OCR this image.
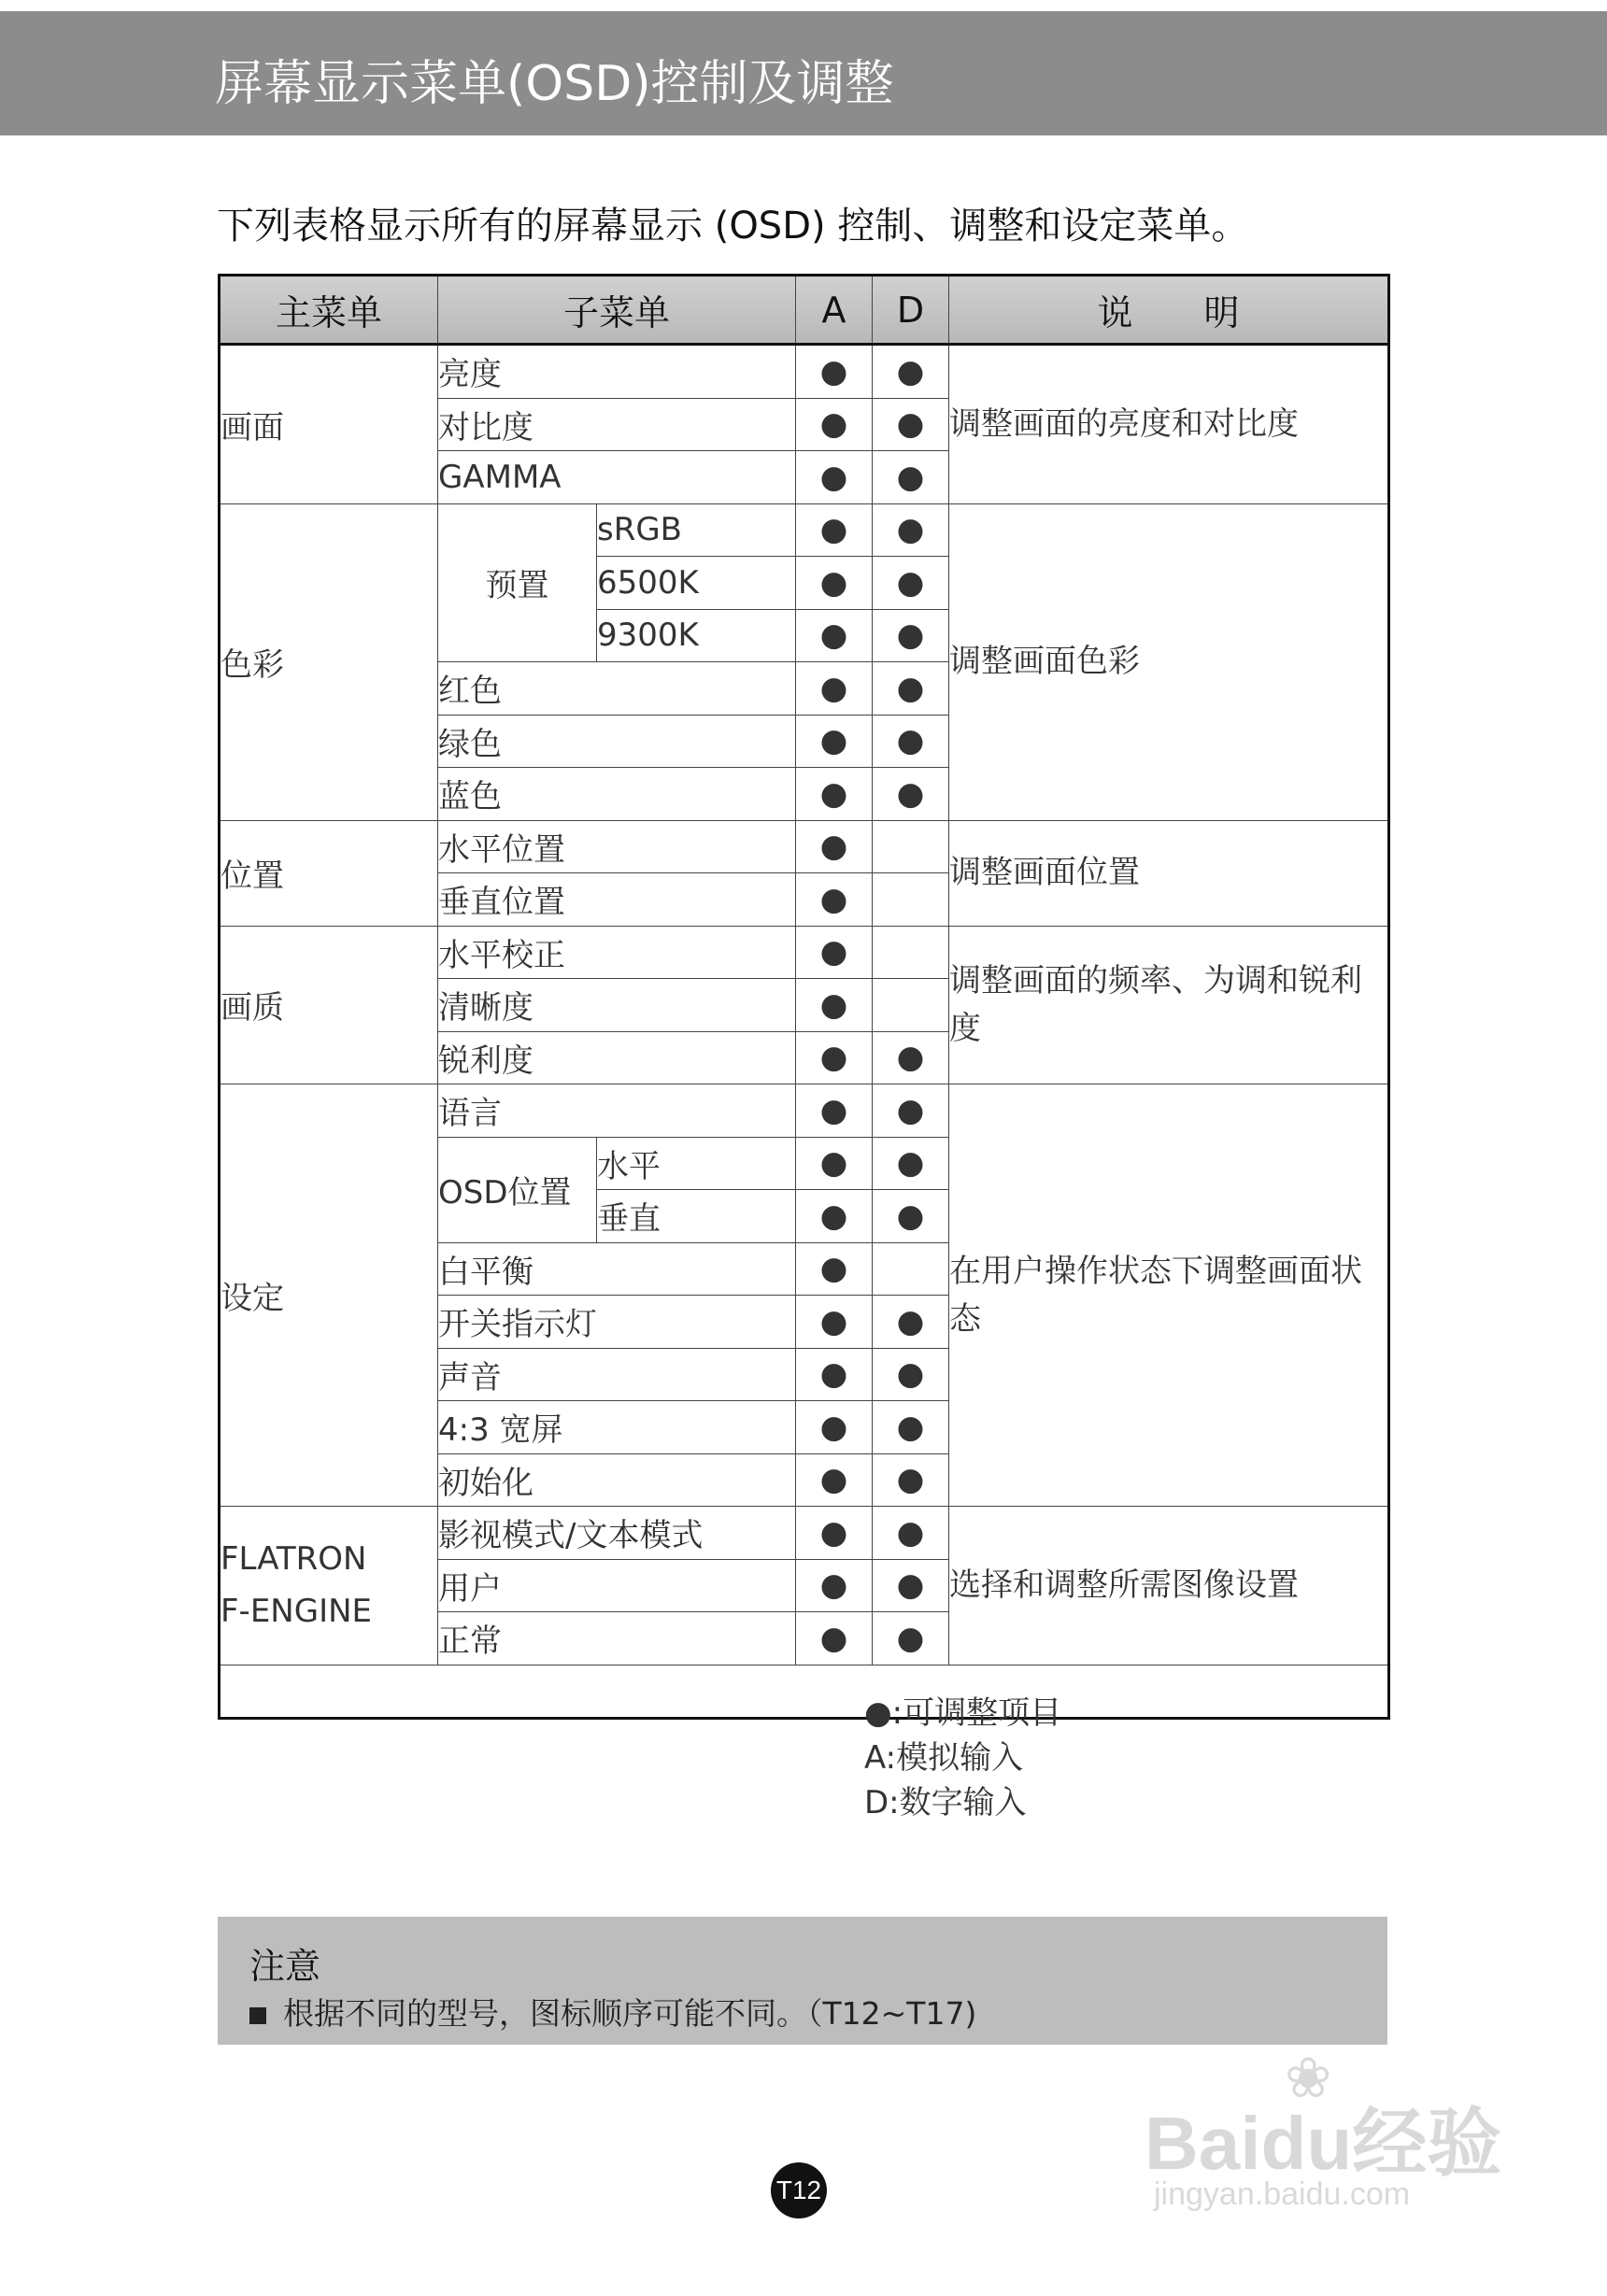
屏幕显示菜单(OSD)控制及调整
下列表格显示所有的屏幕显示 (OSD) 控制、调整和设定菜单。
主菜单	子菜单		A	D	说　　明
画面	亮度		●	●	调整画面的亮度和对比度
	对比度		●	●	
	GAMMA		●	●	
色彩	预置	sRGB	●	●	调整画面色彩
		6500K	●	●	
		9300K	●	●	
	红色		●	●	
	绿色		●	●	
	蓝色		●	●	
位置	水平位置		●		调整画面位置
	垂直位置		●		
画质	水平校正		●		调整画面的频率、为调和锐利度
	清晰度		●		
	锐利度		●	●	
设定	语言		●	●	在用户操作状态下调整画面状态
	OSD位置	水平	●	●	
		垂直	●	●	
	白平衡		●		
	开关指示灯		●	●	
	声音		●	●	
	4:3 宽屏		●	●	
	初始化		●	●	

FLATRON
F-ENGINE	影视模式/文本模式		●	●	选择和调整所需图像设置
	用户		●	●	
	正常		●	●	

●:可调整项目
A:模拟输入
D:数字输入
注意
根据不同的型号，图标顺序可能不同。（T12~T17)
T12
❀
Baidu经验
jingyan.baidu.com
